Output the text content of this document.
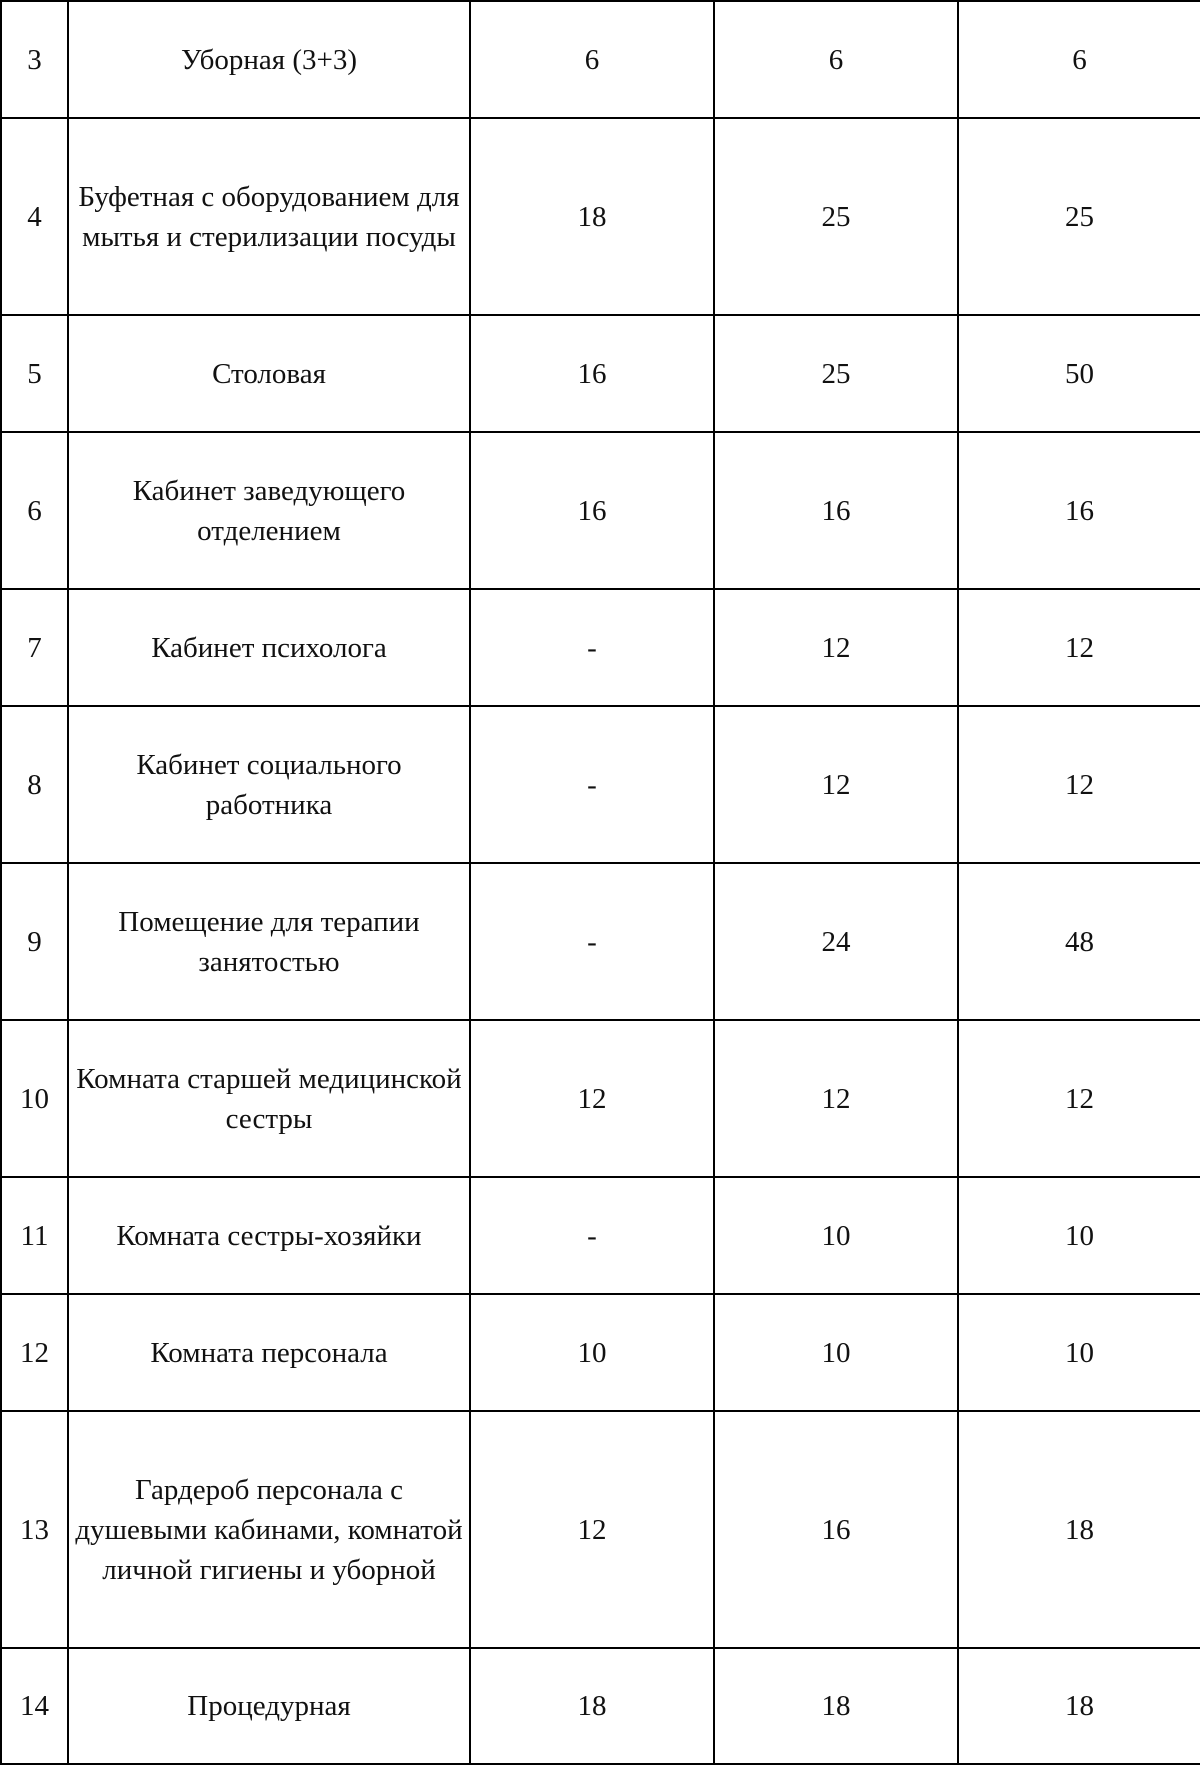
3	Уборная (3+3)	6	6	6
4	Буфетная с оборудованием для мытья и стерилизации посуды	18	25	25
5	Столовая	16	25	50
6	Кабинет заведующего отделением	16	16	16
7	Кабинет психолога	-	12	12
8	Кабинет социального работника	-	12	12
9	Помещение для терапии занятостью	-	24	48
10	Комната старшей медицинской сестры	12	12	12
11	Комната сестры-хозяйки	-	10	10
12	Комната персонала	10	10	10
13	Гардероб персонала с душевыми кабинами, комнатой личной гигиены и уборной	12	16	18
14	Процедурная	18	18	18
